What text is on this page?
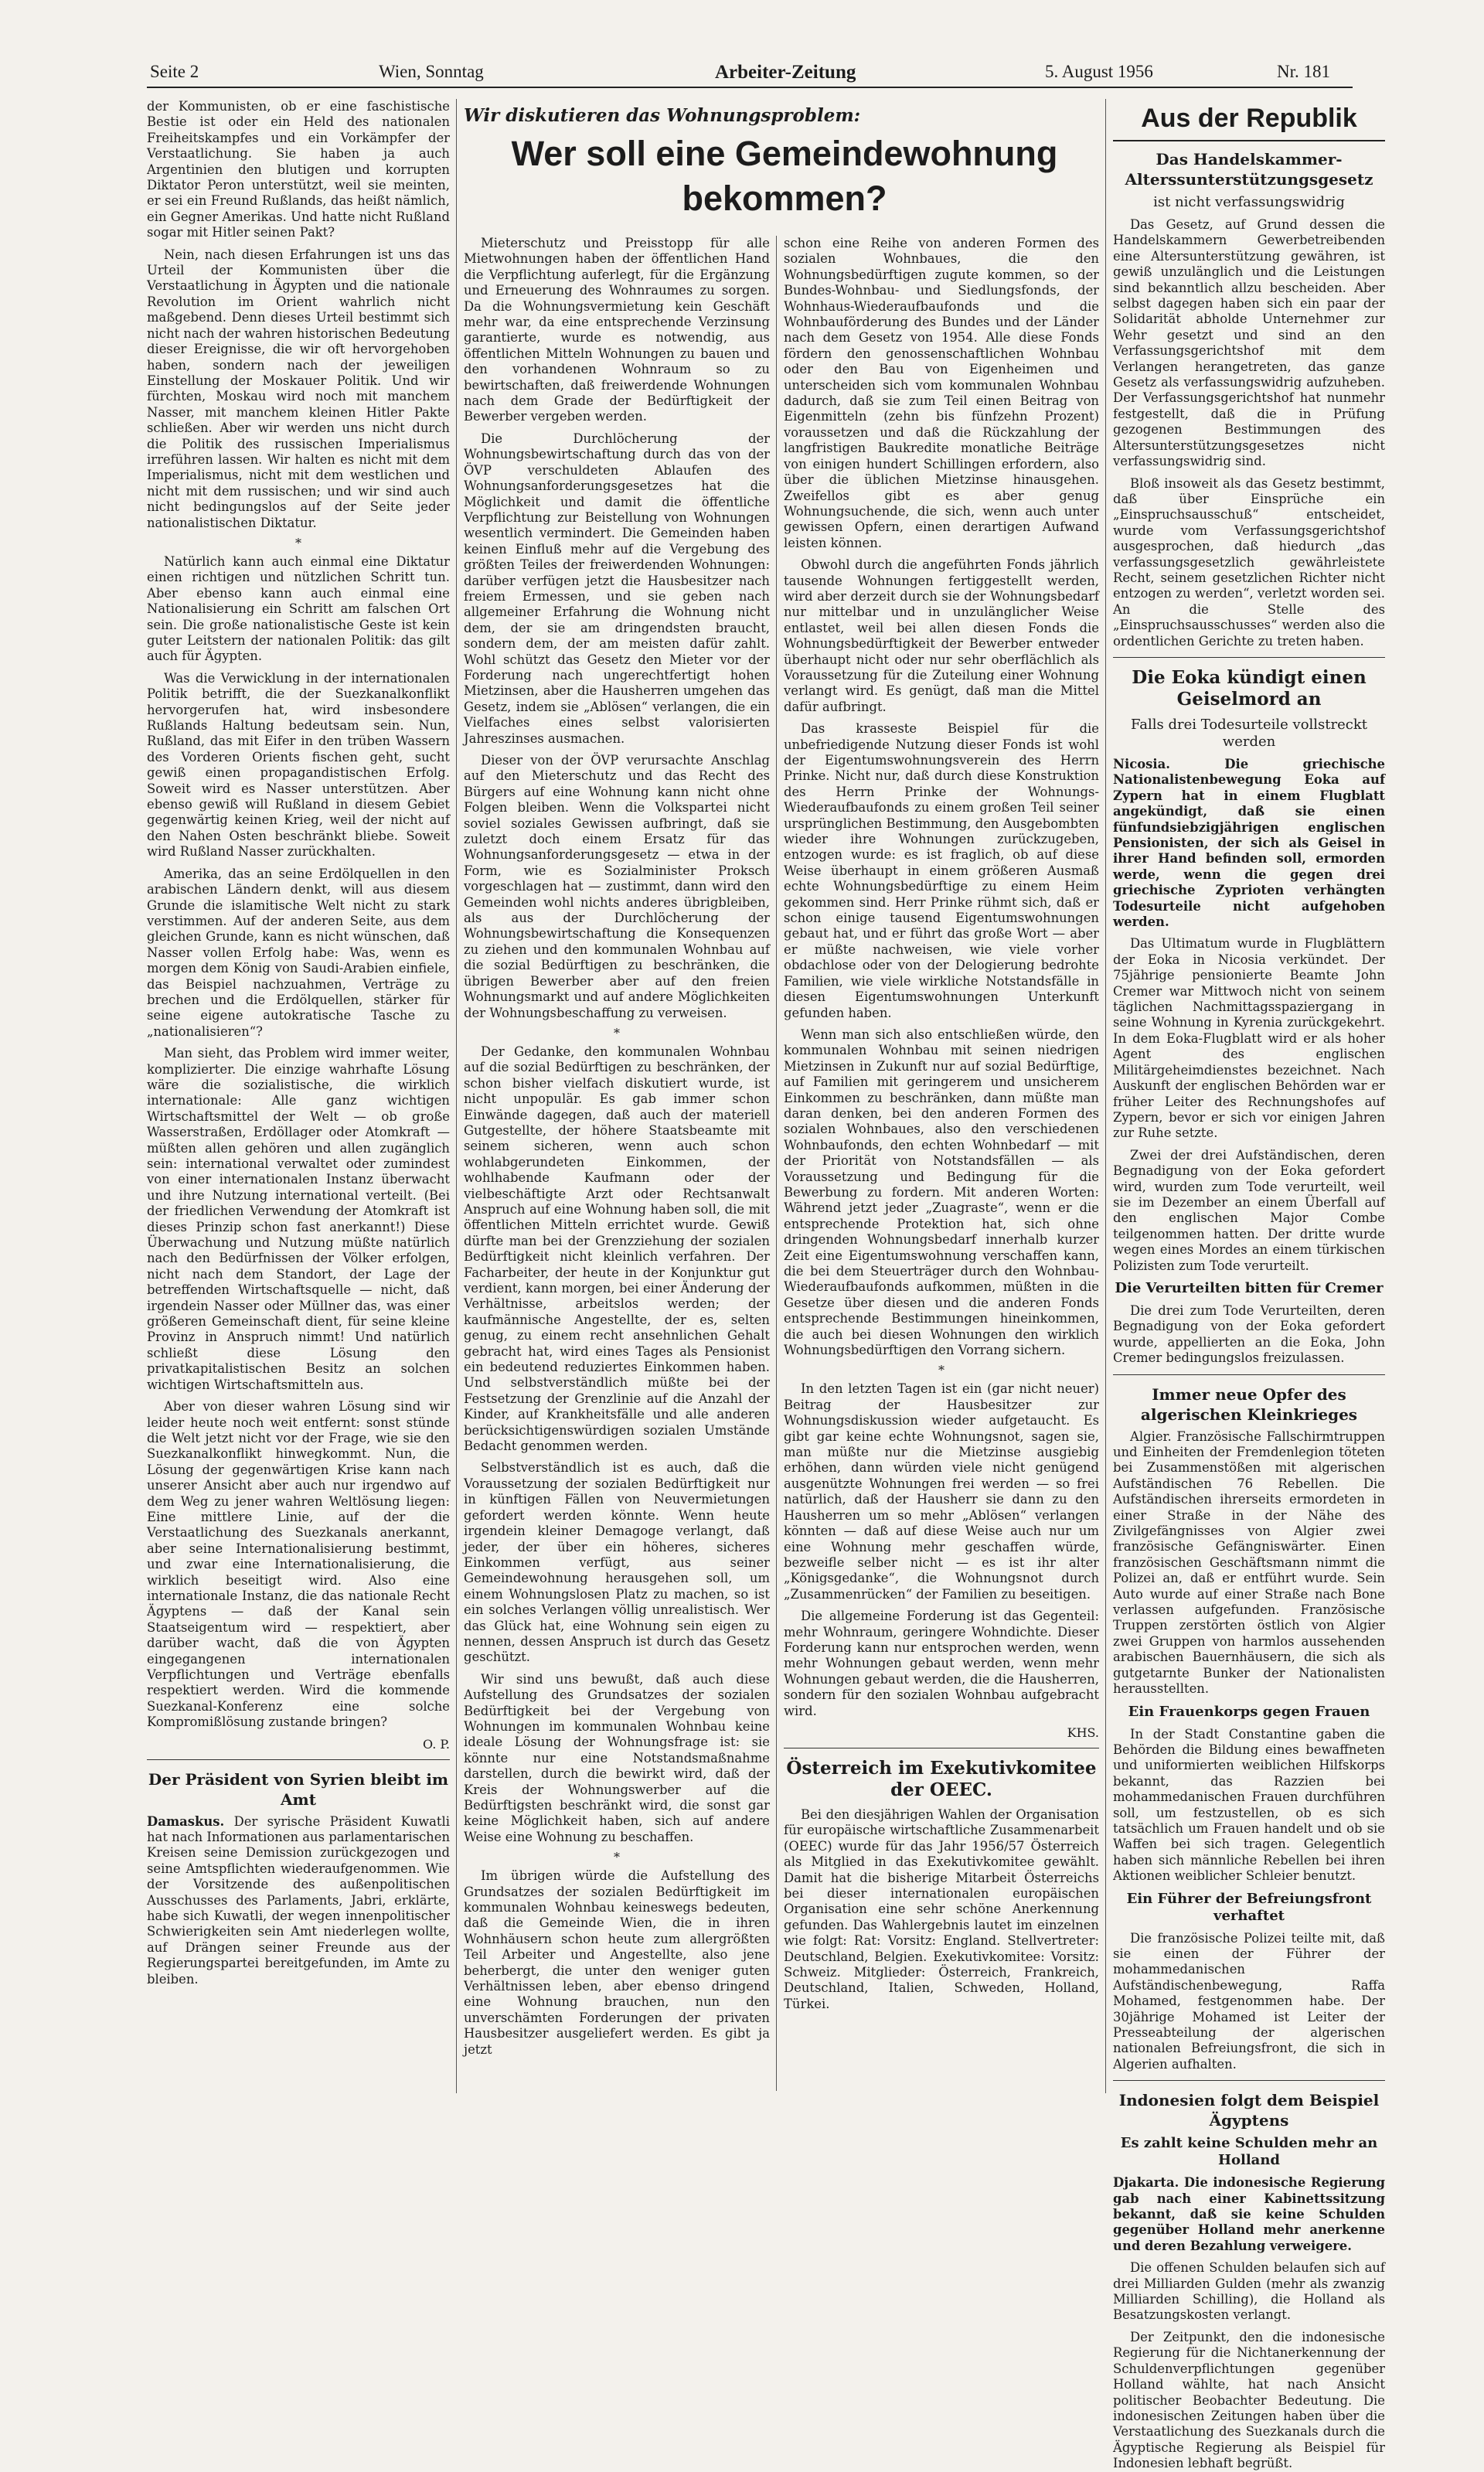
Seite 2	Wien, Sonntag	Arbeiter-Zeitung	5. August 1956	Nr. 181

der Kommunisten, ob er eine faschistische Bestie ist oder ein Held des nationalen Freiheitskampfes und ein Vorkämpfer der Verstaatlichung. Sie haben ja auch Argentinien den blutigen und korrupten Diktator Peron unterstützt, weil sie meinten, er sei ein Freund Rußlands, das heißt nämlich, ein Gegner Amerikas. Und hatte nicht Rußland sogar mit Hitler seinen Pakt?

Nein, nach diesen Erfahrungen ist uns das Urteil der Kommunisten über die Verstaatlichung in Ägypten und die nationale Revolution im Orient wahrlich nicht maßgebend. Denn dieses Urteil bestimmt sich nicht nach der wahren historischen Bedeutung dieser Ereignisse, die wir oft hervorgehoben haben, sondern nach der jeweiligen Einstellung der Moskauer Politik. Und wir fürchten, Moskau wird noch mit manchem Nasser, mit manchem kleinen Hitler Pakte schließen. Aber wir werden uns nicht durch die Politik des russischen Imperialismus irreführen lassen. Wir halten es nicht mit dem Imperialismus, nicht mit dem westlichen und nicht mit dem russischen; und wir sind auch nicht bedingungslos auf der Seite jeder nationalistischen Diktatur.

*

Natürlich kann auch einmal eine Diktatur einen richtigen und nützlichen Schritt tun. Aber ebenso kann auch einmal eine Nationalisierung ein Schritt am falschen Ort sein. Die große nationalistische Geste ist kein guter Leitstern der nationalen Politik: das gilt auch für Ägypten.

Was die Verwicklung in der internationalen Politik betrifft, die der Suezkanalkonflikt hervorgerufen hat, wird insbesondere Rußlands Haltung bedeutsam sein. Nun, Rußland, das mit Eifer in den trüben Wassern des Vorderen Orients fischen geht, sucht gewiß einen propagandistischen Erfolg. Soweit wird es Nasser unterstützen. Aber ebenso gewiß will Rußland in diesem Gebiet gegenwärtig keinen Krieg, weil der nicht auf den Nahen Osten beschränkt bliebe. Soweit wird Rußland Nasser zurückhalten.

Amerika, das an seine Erdölquellen in den arabischen Ländern denkt, will aus diesem Grunde die islamitische Welt nicht zu stark verstimmen. Auf der anderen Seite, aus dem gleichen Grunde, kann es nicht wünschen, daß Nasser vollen Erfolg habe: Was, wenn es morgen dem König von Saudi-Arabien einfiele, das Beispiel nachzuahmen, Verträge zu brechen und die Erdölquellen, stärker für seine eigene autokratische Tasche zu „nationalisieren“?

Man sieht, das Problem wird immer weiter, komplizierter. Die einzige wahrhafte Lösung wäre die sozialistische, die wirklich internationale: Alle ganz wichtigen Wirtschaftsmittel der Welt — ob große Wasserstraßen, Erdöllager oder Atomkraft — müßten allen gehören und allen zugänglich sein: international verwaltet oder zumindest von einer internationalen Instanz überwacht und ihre Nutzung international verteilt. (Bei der friedlichen Verwendung der Atomkraft ist dieses Prinzip schon fast anerkannt!) Diese Überwachung und Nutzung müßte natürlich nach den Bedürfnissen der Völker erfolgen, nicht nach dem Standort, der Lage der betreffenden Wirtschaftsquelle — nicht, daß irgendein Nasser oder Müllner das, was einer größeren Gemeinschaft dient, für seine kleine Provinz in Anspruch nimmt! Und natürlich schließt diese Lösung den privatkapitalistischen Besitz an solchen wichtigen Wirtschaftsmitteln aus.

Aber von dieser wahren Lösung sind wir leider heute noch weit entfernt: sonst stünde die Welt jetzt nicht vor der Frage, wie sie den Suezkanalkonflikt hinwegkommt. Nun, die Lösung der gegenwärtigen Krise kann nach unserer Ansicht aber auch nur irgendwo auf dem Weg zu jener wahren Weltlösung liegen: Eine mittlere Linie, auf der die Verstaatlichung des Suezkanals anerkannt, aber seine Internationalisierung bestimmt, und zwar eine Internationalisierung, die wirklich beseitigt wird. Also eine internationale Instanz, die das nationale Recht Ägyptens — daß der Kanal sein Staatseigentum wird — respektiert, aber darüber wacht, daß die von Ägypten eingegangenen internationalen Verpflichtungen und Verträge ebenfalls respektiert werden. Wird die kommende Suezkanal-Konferenz eine solche Kompromißlösung zustande bringen?

O. P.
Der Präsident von Syrien bleibt im Amt

Damaskus. Der syrische Präsident Kuwatli hat nach Informationen aus parlamentarischen Kreisen seine Demission zurückgezogen und seine Amtspflichten wiederaufgenommen. Wie der Vorsitzende des außenpolitischen Ausschusses des Parlaments, Jabri, erklärte, habe sich Kuwatli, der wegen innenpolitischer Schwierigkeiten sein Amt niederlegen wollte, auf Drängen seiner Freunde aus der Regierungspartei bereitgefunden, im Amte zu bleiben.

Wir diskutieren das Wohnungsproblem:
Wer soll eine Gemeindewohnung bekommen?

Mieterschutz und Preisstopp für alle Mietwohnungen haben der öffentlichen Hand die Verpflichtung auferlegt, für die Ergänzung und Erneuerung des Wohnraumes zu sorgen. Da die Wohnungsvermietung kein Geschäft mehr war, da eine entsprechende Verzinsung garantierte, wurde es notwendig, aus öffentlichen Mitteln Wohnungen zu bauen und den vorhandenen Wohnraum so zu bewirtschaften, daß freiwerdende Wohnungen nach dem Grade der Bedürftigkeit der Bewerber vergeben werden.

Die Durchlöcherung der Wohnungsbewirtschaftung durch das von der ÖVP verschuldeten Ablaufen des Wohnungsanforderungsgesetzes hat die Möglichkeit und damit die öffentliche Verpflichtung zur Beistellung von Wohnungen wesentlich vermindert. Die Gemeinden haben keinen Einfluß mehr auf die Vergebung des größten Teiles der freiwerdenden Wohnungen: darüber verfügen jetzt die Hausbesitzer nach freiem Ermessen, und sie geben nach allgemeiner Erfahrung die Wohnung nicht dem, der sie am dringendsten braucht, sondern dem, der am meisten dafür zahlt. Wohl schützt das Gesetz den Mieter vor der Forderung nach ungerechtfertigt hohen Mietzinsen, aber die Hausherren umgehen das Gesetz, indem sie „Ablösen“ verlangen, die ein Vielfaches eines selbst valorisierten Jahreszinses ausmachen.

Dieser von der ÖVP verursachte Anschlag auf den Mieterschutz und das Recht des Bürgers auf eine Wohnung kann nicht ohne Folgen bleiben. Wenn die Volkspartei nicht soviel soziales Gewissen aufbringt, daß sie zuletzt doch einem Ersatz für das Wohnungsanforderungsgesetz — etwa in der Form, wie es Sozialminister Proksch vorgeschlagen hat — zustimmt, dann wird den Gemeinden wohl nichts anderes übrigbleiben, als aus der Durchlöcherung der Wohnungsbewirtschaftung die Konsequenzen zu ziehen und den kommunalen Wohnbau auf die sozial Bedürftigen zu beschränken, die übrigen Bewerber aber auf den freien Wohnungsmarkt und auf andere Möglichkeiten der Wohnungsbeschaffung zu verweisen.

*

Der Gedanke, den kommunalen Wohnbau auf die sozial Bedürftigen zu beschränken, der schon bisher vielfach diskutiert wurde, ist nicht unpopulär. Es gab immer schon Einwände dagegen, daß auch der materiell Gutgestellte, der höhere Staatsbeamte mit seinem sicheren, wenn auch schon wohlabgerundeten Einkommen, der wohlhabende Kaufmann oder der vielbeschäftigte Arzt oder Rechtsanwalt Anspruch auf eine Wohnung haben soll, die mit öffentlichen Mitteln errichtet wurde. Gewiß dürfte man bei der Grenzziehung der sozialen Bedürftigkeit nicht kleinlich verfahren. Der Facharbeiter, der heute in der Konjunktur gut verdient, kann morgen, bei einer Änderung der Verhältnisse, arbeitslos werden; der kaufmännische Angestellte, der es, selten genug, zu einem recht ansehnlichen Gehalt gebracht hat, wird eines Tages als Pensionist ein bedeutend reduziertes Einkommen haben. Und selbstverständlich müßte bei der Festsetzung der Grenzlinie auf die Anzahl der Kinder, auf Krankheitsfälle und alle anderen berücksichtigenswürdigen sozialen Umstände Bedacht genommen werden.

Selbstverständlich ist es auch, daß die Voraussetzung der sozialen Bedürftigkeit nur in künftigen Fällen von Neuvermietungen gefordert werden könnte. Wenn heute irgendein kleiner Demagoge verlangt, daß jeder, der über ein höheres, sicheres Einkommen verfügt, aus seiner Gemeindewohnung herausgehen soll, um einem Wohnungslosen Platz zu machen, so ist ein solches Verlangen völlig unrealistisch. Wer das Glück hat, eine Wohnung sein eigen zu nennen, dessen Anspruch ist durch das Gesetz geschützt.

Wir sind uns bewußt, daß auch diese Aufstellung des Grundsatzes der sozialen Bedürftigkeit bei der Vergebung von Wohnungen im kommunalen Wohnbau keine ideale Lösung der Wohnungsfrage ist: sie könnte nur eine Notstandsmaßnahme darstellen, durch die bewirkt wird, daß der Kreis der Wohnungswerber auf die Bedürftigsten beschränkt wird, die sonst gar keine Möglichkeit haben, sich auf andere Weise eine Wohnung zu beschaffen.

*

Im übrigen würde die Aufstellung des Grundsatzes der sozialen Bedürftigkeit im kommunalen Wohnbau keineswegs bedeuten, daß die Gemeinde Wien, die in ihren Wohnhäusern schon heute zum allergrößten Teil Arbeiter und Angestellte, also jene beherbergt, die unter den weniger guten Verhältnissen leben, aber ebenso dringend eine Wohnung brauchen, nun den unverschämten Forderungen der privaten Hausbesitzer ausgeliefert werden. Es gibt ja jetzt

schon eine Reihe von anderen Formen des sozialen Wohnbaues, die den Wohnungsbedürftigen zugute kommen, so der Bundes-Wohnbau- und Siedlungsfonds, der Wohnhaus-Wiederaufbaufonds und die Wohnbauförderung des Bundes und der Länder nach dem Gesetz von 1954. Alle diese Fonds fördern den genossenschaftlichen Wohnbau oder den Bau von Eigenheimen und unterscheiden sich vom kommunalen Wohnbau dadurch, daß sie zum Teil einen Beitrag von Eigenmitteln (zehn bis fünfzehn Prozent) voraussetzen und daß die Rückzahlung der langfristigen Baukredite monatliche Beiträge von einigen hundert Schillingen erfordern, also über die üblichen Mietzinse hinausgehen. Zweifellos gibt es aber genug Wohnungsuchende, die sich, wenn auch unter gewissen Opfern, einen derartigen Aufwand leisten können.

Obwohl durch die angeführten Fonds jährlich tausende Wohnungen fertiggestellt werden, wird aber derzeit durch sie der Wohnungsbedarf nur mittelbar und in unzulänglicher Weise entlastet, weil bei allen diesen Fonds die Wohnungsbedürftigkeit der Bewerber entweder überhaupt nicht oder nur sehr oberflächlich als Voraussetzung für die Zuteilung einer Wohnung verlangt wird. Es genügt, daß man die Mittel dafür aufbringt.

Das krasseste Beispiel für die unbefriedigende Nutzung dieser Fonds ist wohl der Eigentumswohnungsverein des Herrn Prinke. Nicht nur, daß durch diese Konstruktion des Herrn Prinke der Wohnungs-Wiederaufbaufonds zu einem großen Teil seiner ursprünglichen Bestimmung, den Ausgebombten wieder ihre Wohnungen zurückzugeben, entzogen wurde: es ist fraglich, ob auf diese Weise überhaupt in einem größeren Ausmaß echte Wohnungsbedürftige zu einem Heim gekommen sind. Herr Prinke rühmt sich, daß er schon einige tausend Eigentumswohnungen gebaut hat, und er führt das große Wort — aber er müßte nachweisen, wie viele vorher obdachlose oder von der Delogierung bedrohte Familien, wie viele wirkliche Notstandsfälle in diesen Eigentumswohnungen Unterkunft gefunden haben.

Wenn man sich also entschließen würde, den kommunalen Wohnbau mit seinen niedrigen Mietzinsen in Zukunft nur auf sozial Bedürftige, auf Familien mit geringerem und unsicherem Einkommen zu beschränken, dann müßte man daran denken, bei den anderen Formen des sozialen Wohnbaues, also den verschiedenen Wohnbaufonds, den echten Wohnbedarf — mit der Priorität von Notstandsfällen — als Voraussetzung und Bedingung für die Bewerbung zu fordern. Mit anderen Worten: Während jetzt jeder „Zuagraste“, wenn er die entsprechende Protektion hat, sich ohne dringenden Wohnungsbedarf innerhalb kurzer Zeit eine Eigentumswohnung verschaffen kann, die bei dem Steuerträger durch den Wohnbau-Wiederaufbaufonds aufkommen, müßten in die Gesetze über diesen und die anderen Fonds entsprechende Bestimmungen hineinkommen, die auch bei diesen Wohnungen den wirklich Wohnungsbedürftigen den Vorrang sichern.

*

In den letzten Tagen ist ein (gar nicht neuer) Beitrag der Hausbesitzer zur Wohnungsdiskussion wieder aufgetaucht. Es gibt gar keine echte Wohnungsnot, sagen sie, man müßte nur die Mietzinse ausgiebig erhöhen, dann würden viele nicht genügend ausgenützte Wohnungen frei werden — so frei natürlich, daß der Hausherr sie dann zu den Hausherren um so mehr „Ablösen“ verlangen könnten — daß auf diese Weise auch nur um eine Wohnung mehr geschaffen würde, bezweifle selber nicht — es ist ihr alter „Königsgedanke“, die Wohnungsnot durch „Zusammenrücken“ der Familien zu beseitigen.

Die allgemeine Forderung ist das Gegenteil: mehr Wohnraum, geringere Wohndichte. Dieser Forderung kann nur entsprochen werden, wenn mehr Wohnungen gebaut werden, wenn mehr Wohnungen gebaut werden, die die Hausherren, sondern für den sozialen Wohnbau aufgebracht wird.

KHS.
Österreich im Exekutivkomitee der OEEC.

Bei den diesjährigen Wahlen der Organisation für europäische wirtschaftliche Zusammenarbeit (OEEC) wurde für das Jahr 1956/57 Österreich als Mitglied in das Exekutivkomitee gewählt. Damit hat die bisherige Mitarbeit Österreichs bei dieser internationalen europäischen Organisation eine sehr schöne Anerkennung gefunden. Das Wahlergebnis lautet im einzelnen wie folgt: Rat: Vorsitz: England. Stellvertreter: Deutschland, Belgien. Exekutivkomitee: Vorsitz: Schweiz. Mitglieder: Österreich, Frankreich, Deutschland, Italien, Schweden, Holland, Türkei.

Aus der Republik
Das Handelskammer-Alterssunterstützungsgesetz
ist nicht verfassungswidrig

Das Gesetz, auf Grund dessen die Handelskammern Gewerbetreibenden eine Altersunterstützung gewähren, ist gewiß unzulänglich und die Leistungen sind bekanntlich allzu bescheiden. Aber selbst dagegen haben sich ein paar der Solidarität abholde Unternehmer zur Wehr gesetzt und sind an den Verfassungsgerichtshof mit dem Verlangen herangetreten, das ganze Gesetz als verfassungswidrig aufzuheben. Der Verfassungsgerichtshof hat nunmehr festgestellt, daß die in Prüfung gezogenen Bestimmungen des Altersunterstützungsgesetzes nicht verfassungswidrig sind.

Bloß insoweit als das Gesetz bestimmt, daß über Einsprüche ein „Einspruchsausschuß“ entscheidet, wurde vom Verfassungsgerichtshof ausgesprochen, daß hiedurch „das verfassungsgesetzlich gewährleistete Recht, seinem gesetzlichen Richter nicht entzogen zu werden“, verletzt worden sei. An die Stelle des „Einspruchsausschusses“ werden also die ordentlichen Gerichte zu treten haben.

Die Eoka kündigt einen Geiselmord an
Falls drei Todesurteile vollstreckt werden

Nicosia. Die griechische Nationalistenbewegung Eoka auf Zypern hat in einem Flugblatt angekündigt, daß sie einen fünfundsiebzigjährigen englischen Pensionisten, der sich als Geisel in ihrer Hand befinden soll, ermorden werde, wenn die gegen drei griechische Zyprioten verhängten Todesurteile nicht aufgehoben werden.

Das Ultimatum wurde in Flugblättern der Eoka in Nicosia verkündet. Der 75jährige pensionierte Beamte John Cremer war Mittwoch nicht von seinem täglichen Nachmittagsspaziergang in seine Wohnung in Kyrenia zurückgekehrt. In dem Eoka-Flugblatt wird er als hoher Agent des englischen Militärgeheimdienstes bezeichnet. Nach Auskunft der englischen Behörden war er früher Leiter des Rechnungshofes auf Zypern, bevor er sich vor einigen Jahren zur Ruhe setzte.

Zwei der drei Aufständischen, deren Begnadigung von der Eoka gefordert wird, wurden zum Tode verurteilt, weil sie im Dezember an einem Überfall auf den englischen Major Combe teilgenommen hatten. Der dritte wurde wegen eines Mordes an einem türkischen Polizisten zum Tode verurteilt.

Die Verurteilten bitten für Cremer

Die drei zum Tode Verurteilten, deren Begnadigung von der Eoka gefordert wurde, appellierten an die Eoka, John Cremer bedingungslos freizulassen.

Immer neue Opfer des algerischen Kleinkrieges

Algier. Französische Fallschirmtruppen und Einheiten der Fremdenlegion töteten bei Zusammenstößen mit algerischen Aufständischen 76 Rebellen. Die Aufständischen ihrerseits ermordeten in einer Straße in der Nähe des Zivilgefängnisses von Algier zwei französische Gefängniswärter. Einen französischen Geschäftsmann nimmt die Polizei an, daß er entführt wurde. Sein Auto wurde auf einer Straße nach Bone verlassen aufgefunden. Französische Truppen zerstörten östlich von Algier zwei Gruppen von harmlos aussehenden arabischen Bauernhäusern, die sich als gutgetarnte Bunker der Nationalisten herausstellten.

Ein Frauenkorps gegen Frauen

In der Stadt Constantine gaben die Behörden die Bildung eines bewaffneten und uniformierten weiblichen Hilfskorps bekannt, das Razzien bei mohammedanischen Frauen durchführen soll, um festzustellen, ob es sich tatsächlich um Frauen handelt und ob sie Waffen bei sich tragen. Gelegentlich haben sich männliche Rebellen bei ihren Aktionen weiblicher Schleier benutzt.

Ein Führer der Befreiungsfront verhaftet

Die französische Polizei teilte mit, daß sie einen der Führer der mohammedanischen Aufständischenbewegung, Raffa Mohamed, festgenommen habe. Der 30jährige Mohamed ist Leiter der Presseabteilung der algerischen nationalen Befreiungsfront, die sich in Algerien aufhalten.

Indonesien folgt dem Beispiel Ägyptens
Es zahlt keine Schulden mehr an Holland

Djakarta. Die indonesische Regierung gab nach einer Kabinettssitzung bekannt, daß sie keine Schulden gegenüber Holland mehr anerkenne und deren Bezahlung verweigere.

Die offenen Schulden belaufen sich auf drei Milliarden Gulden (mehr als zwanzig Milliarden Schilling), die Holland als Besatzungskosten verlangt.

Der Zeitpunkt, den die indonesische Regierung für die Nichtanerkennung der Schuldenverpflichtungen gegenüber Holland wählte, hat nach Ansicht politischer Beobachter Bedeutung. Die indonesischen Zeitungen haben über die Verstaatlichung des Suezkanals durch die Ägyptische Regierung als Beispiel für Indonesien lebhaft begrüßt.
